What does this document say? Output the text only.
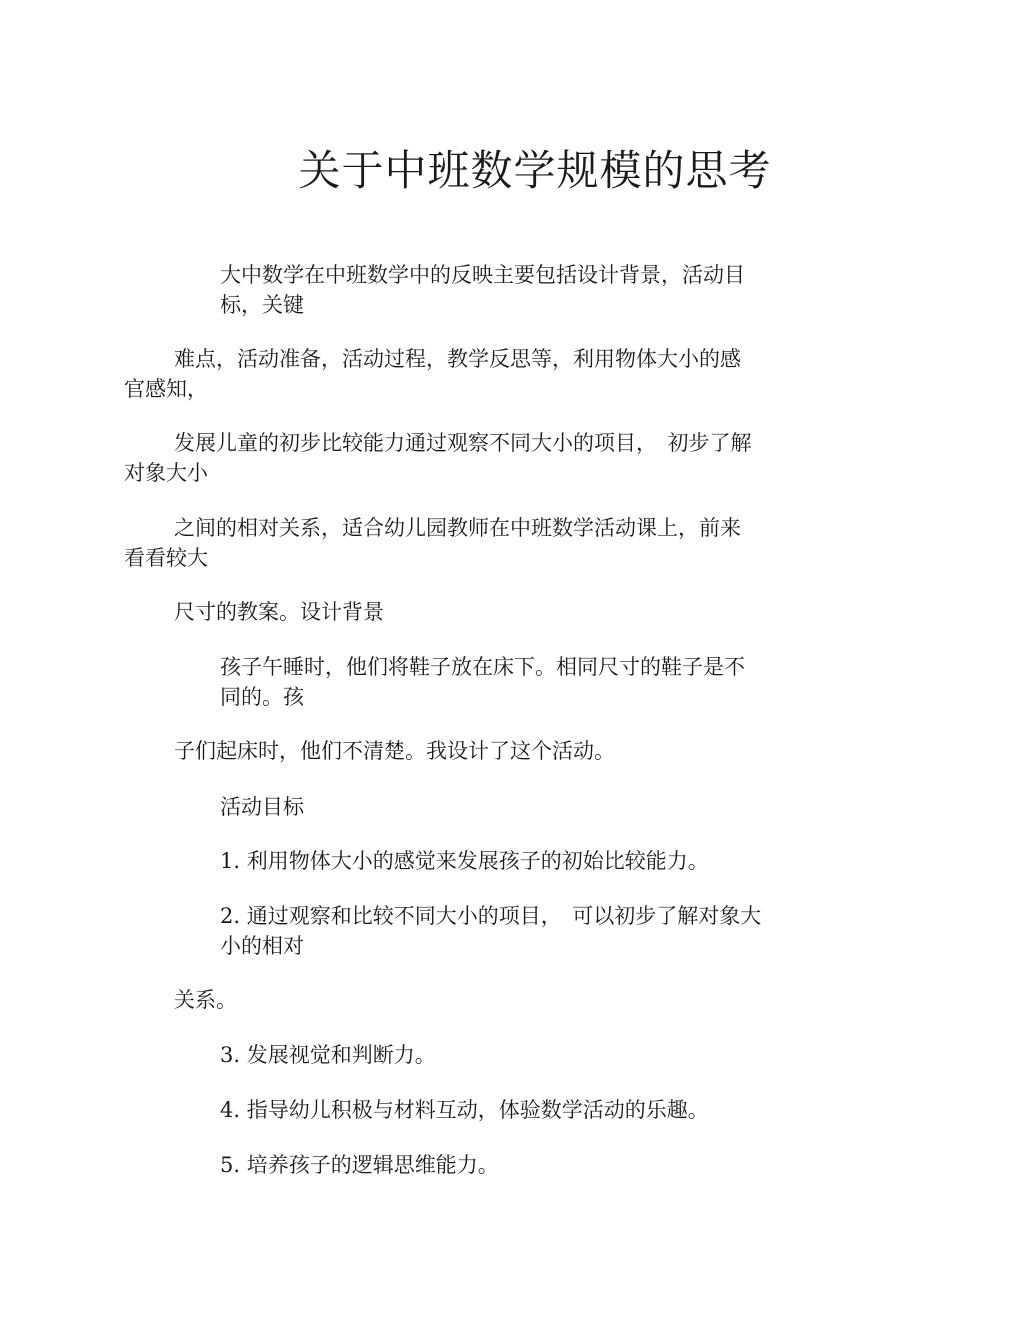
关于中班数学规模的思考

大中数学在中班数学中的反映主要包括设计背景，活动目
标，关键

难点，活动准备，活动过程，教学反思等，利用物体大小的感

官感知，

发展儿童的初步比较能力通过观察不同大小的项目，　初步了解

对象大小

之间的相对关系，适合幼儿园教师在中班数学活动课上，前来

看看较大

尺寸的教案。设计背景

孩子午睡时，他们将鞋子放在床下。相同尺寸的鞋子是不
同的。孩

子们起床时，他们不清楚。我设计了这个活动。

活动目标

1. 利用物体大小的感觉来发展孩子的初始比较能力。

2. 通过观察和比较不同大小的项目，　可以初步了解对象大
小的相对

关系。

3. 发展视觉和判断力。

4. 指导幼儿积极与材料互动，体验数学活动的乐趣。

5. 培养孩子的逻辑思维能力。
